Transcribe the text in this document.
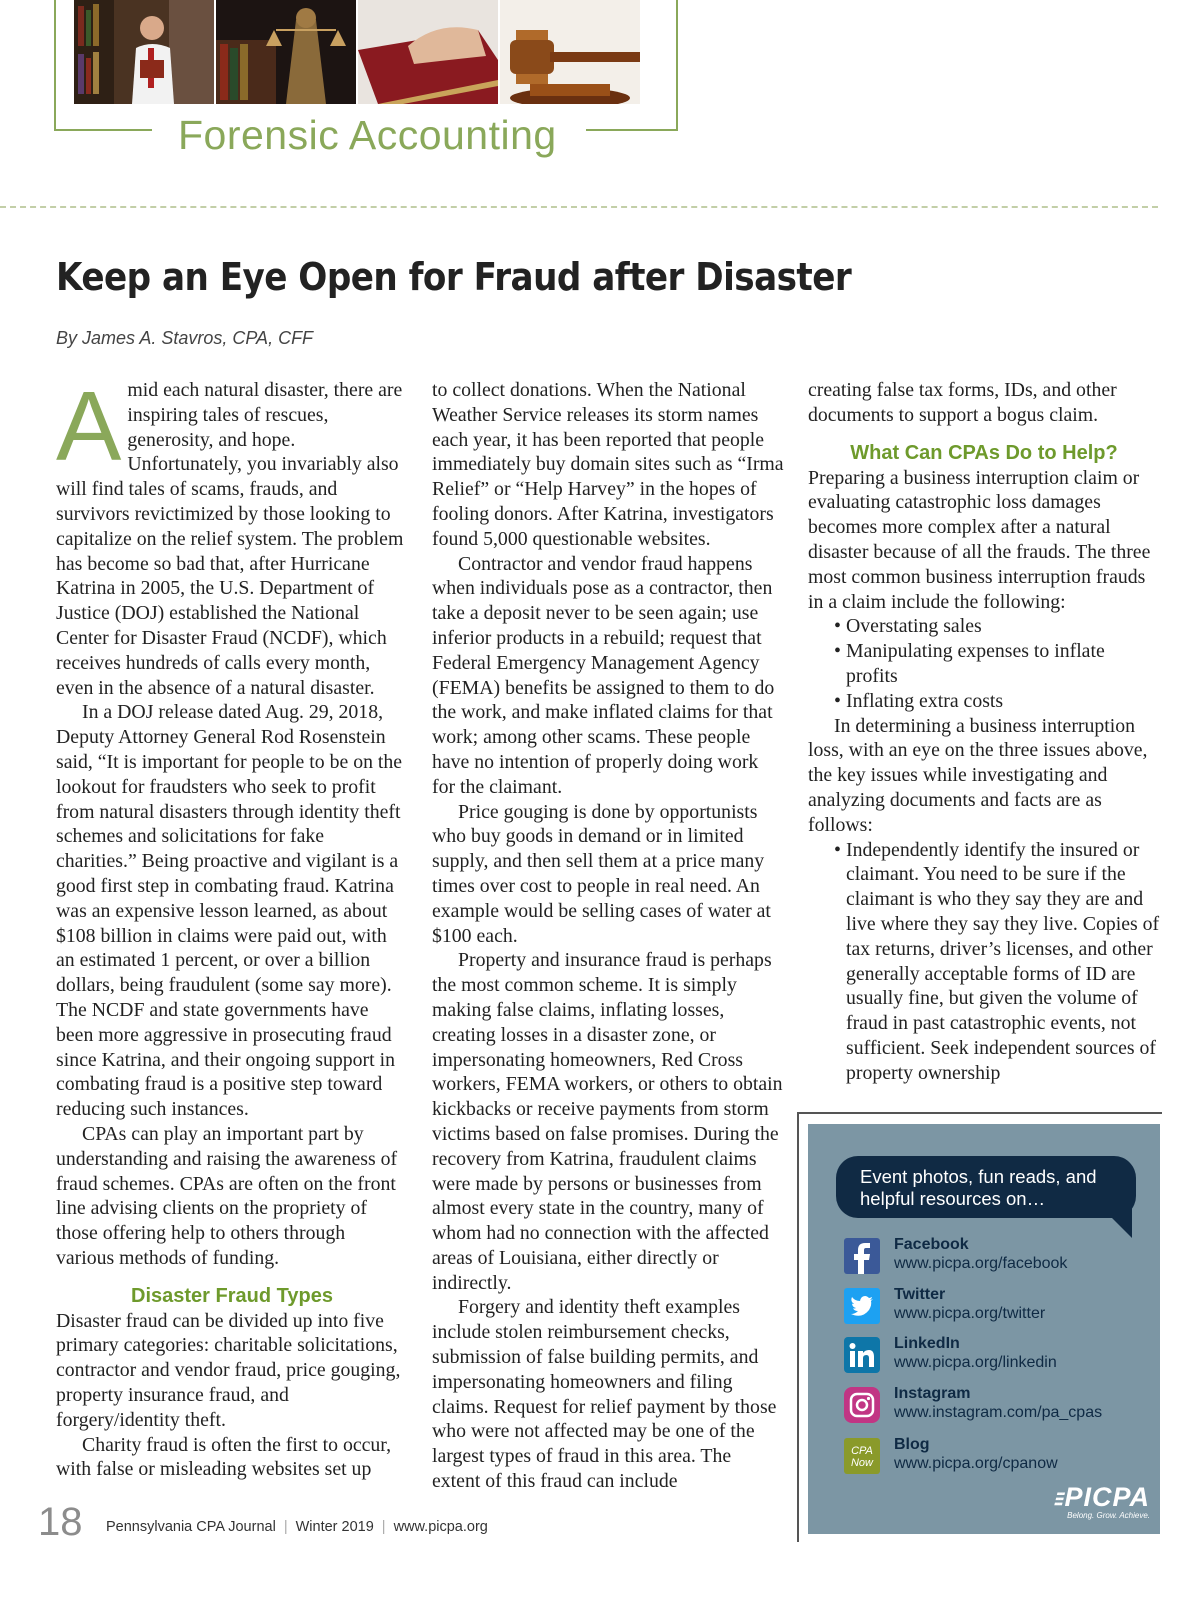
Forensic Accounting
Keep an Eye Open for Fraud after Disaster
By James A. Stavros, CPA, CFF

Amid each natural disaster, there are inspiring tales of rescues, generosity, and hope. Unfortunately, you invariably also will find tales of scams, frauds, and survivors revictimized by those looking to capitalize on the relief system. The problem has become so bad that, after Hurricane Katrina in 2005, the U.S. Department of Justice (DOJ) established the National Center for Disaster Fraud (NCDF), which receives hundreds of calls every month, even in the absence of a natural disaster.

In a DOJ release dated Aug. 29, 2018, Deputy Attorney General Rod Rosenstein said, “It is important for people to be on the lookout for fraudsters who seek to profit from natural disasters through identity theft schemes and solicitations for fake charities.” Being proactive and vigilant is a good first step in combating fraud. Katrina was an expensive lesson learned, as about $108 billion in claims were paid out, with an estimated 1 percent, or over a billion dollars, being fraudulent (some say more). The NCDF and state governments have been more aggressive in prosecuting fraud since Katrina, and their ongoing support in combating fraud is a positive step toward reducing such instances.

CPAs can play an important part by understanding and raising the awareness of fraud schemes. CPAs are often on the front line advising clients on the propriety of those offering help to others through various methods of funding.

Disaster Fraud Types

Disaster fraud can be divided up into five primary categories: charitable solicitations, contractor and vendor fraud, price gouging, property insurance fraud, and forgery/identity theft.

Charity fraud is often the first to occur, with false or misleading websites set up

to collect donations. When the National Weather Service releases its storm names each year, it has been reported that people immediately buy domain sites such as “Irma Relief” or “Help Harvey” in the hopes of fooling donors. After Katrina, investigators found 5,000 questionable websites.

Contractor and vendor fraud happens when individuals pose as a contractor, then take a deposit never to be seen again; use inferior products in a rebuild; request that Federal Emergency Management Agency (FEMA) benefits be assigned to them to do the work, and make inflated claims for that work; among other scams. These people have no intention of properly doing work for the claimant.

Price gouging is done by opportunists who buy goods in demand or in limited supply, and then sell them at a price many times over cost to people in real need. An example would be selling cases of water at $100 each.

Property and insurance fraud is perhaps the most common scheme. It is simply making false claims, inflating losses, creating losses in a disaster zone, or impersonating homeowners, Red Cross workers, FEMA workers, or others to obtain kickbacks or receive payments from storm victims based on false promises. During the recovery from Katrina, fraudulent claims were made by persons or businesses from almost every state in the country, many of whom had no connection with the affected areas of Louisiana, either directly or indirectly.

Forgery and identity theft examples include stolen reimbursement checks, submission of false building permits, and impersonating homeowners and filing claims. Request for relief payment by those who were not affected may be one of the largest types of fraud in this area. The extent of this fraud can include

creating false tax forms, IDs, and other documents to support a bogus claim.

What Can CPAs Do to Help?

Preparing a business interruption claim or evaluating catastrophic loss damages becomes more complex after a natural disaster because of all the frauds. The three most common business interruption frauds in a claim include the following:

• Overstating sales
• Manipulating expenses to inflate profits
• Inflating extra costs

In determining a business interruption loss, with an eye on the three issues above, the key issues while investigating and analyzing documents and facts are as follows:

• Independently identify the insured or claimant. You need to be sure if the claimant is who they say they are and live where they say they live. Copies of tax returns, driver’s licenses, and other generally acceptable forms of ID are usually fine, but given the volume of fraud in past catastrophic events, not sufficient. Seek independent sources of property ownership
Event photos, fun reads, and helpful resources on…
Facebook
www.picpa.org/facebook
Twitter
www.picpa.org/twitter
LinkedIn
www.picpa.org/linkedin
Instagram
www.instagram.com/pa_cpas
CPA
Now
Blog
www.picpa.org/cpanow
⫶⫶⫶ PICPA
Belong. Grow. Achieve.
18 Pennsylvania CPA Journal | Winter 2019 | www.picpa.org
